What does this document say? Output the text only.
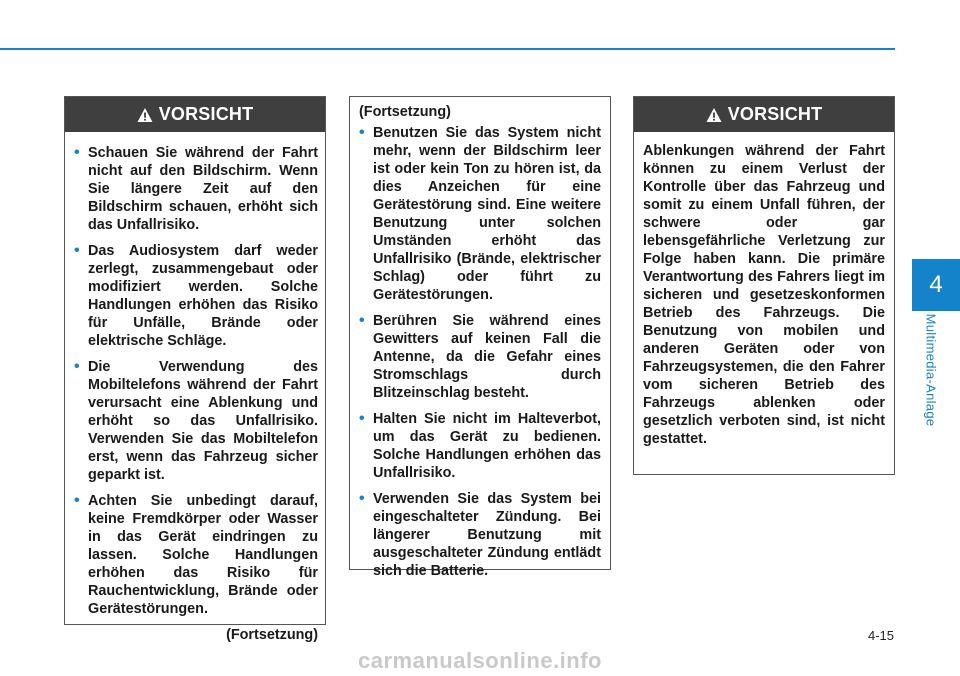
VORSICHT
• Schauen Sie während der Fahrt nicht auf den Bildschirm. Wenn Sie längere Zeit auf den Bildschirm schauen, erhöht sich das Unfallrisiko.
• Das Audiosystem darf weder zerlegt, zusammengebaut oder modifiziert werden. Solche Handlungen erhöhen das Risiko für Unfälle, Brände oder elektrische Schläge.
• Die Verwendung des Mobiltelefons während der Fahrt verursacht eine Ablenkung und erhöht so das Unfallrisiko. Verwenden Sie das Mobiltelefon erst, wenn das Fahrzeug sicher geparkt ist.
• Achten Sie unbedingt darauf, keine Fremdkörper oder Wasser in das Gerät eindringen zu lassen. Solche Handlungen erhöhen das Risiko für Rauchentwicklung, Brände oder Gerätestörungen.
(Fortsetzung)
(Fortsetzung)
• Benutzen Sie das System nicht mehr, wenn der Bildschirm leer ist oder kein Ton zu hören ist, da dies Anzeichen für eine Gerätestörung sind. Eine weitere Benutzung unter solchen Umständen erhöht das Unfallrisiko (Brände, elektrischer Schlag) oder führt zu Gerätestörungen.
• Berühren Sie während eines Gewitters auf keinen Fall die Antenne, da die Gefahr eines Stromschlags durch Blitzeinschlag besteht.
• Halten Sie nicht im Halteverbot, um das Gerät zu bedienen. Solche Handlungen erhöhen das Unfallrisiko.
• Verwenden Sie das System bei eingeschalteter Zündung. Bei längerer Benutzung mit ausgeschalteter Zündung entlädt sich die Batterie.
VORSICHT

Ablenkungen während der Fahrt können zu einem Verlust der Kontrolle über das Fahrzeug und somit zu einem Unfall führen, der schwere oder gar lebensgefährliche Verletzung zur Folge haben kann. Die primäre Verantwortung des Fahrers liegt im sicheren und gesetzeskonformen Betrieb des Fahrzeugs. Die Benutzung von mobilen und anderen Geräten oder von Fahrzeugsystemen, die den Fahrer vom sicheren Betrieb des Fahrzeugs ablenken oder gesetzlich verboten sind, ist nicht gestattet.

4
Multimedia-Anlage
4-15
carmanualsonline.info
